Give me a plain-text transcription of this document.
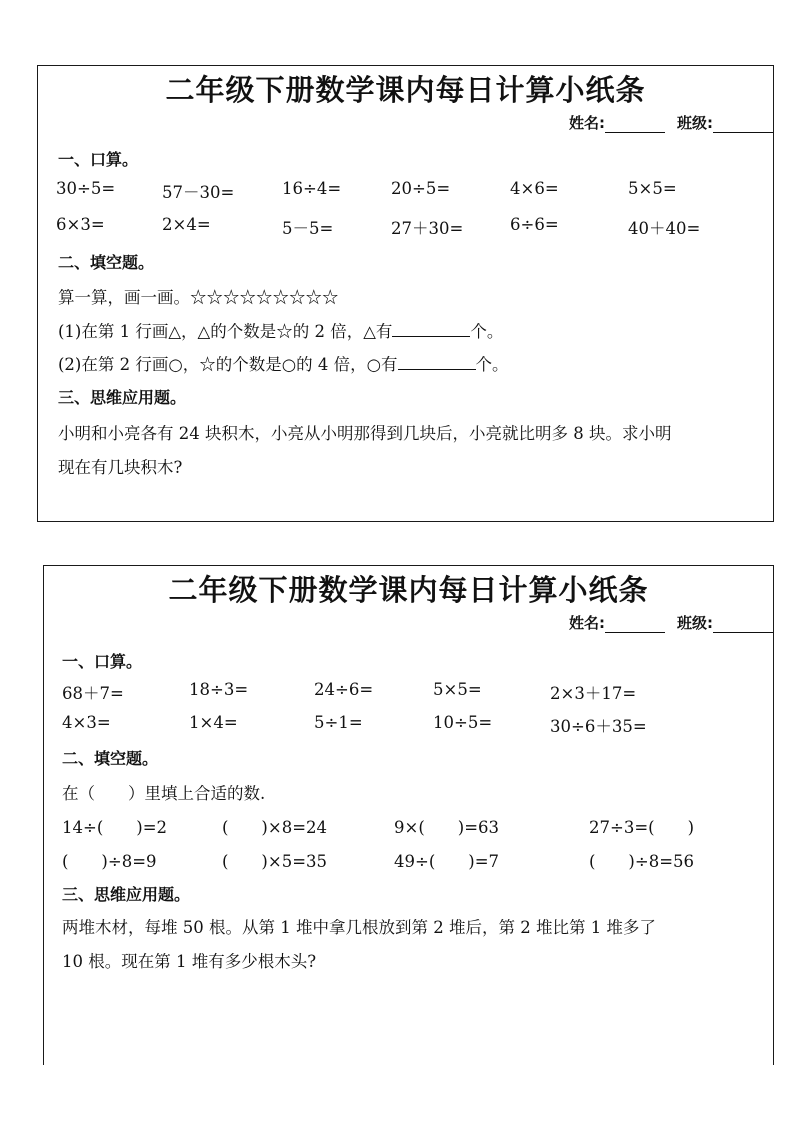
二年级下册数学课内每日计算小纸条
姓名:	班级:
一、口算。
30÷5=	57－30=	16÷4=	20÷5=	4×6=	5×5=
6×3=	2×4=	5－5=	27＋30=	6÷6=	40＋40=
二、填空题。
算一算，画一画。☆☆☆☆☆☆☆☆☆
(1)在第 1 行画△，△的个数是☆的 2 倍，△有	个。
(2)在第 2 行画○，☆的个数是○的 4 倍，○有	个。
三、思维应用题。
小明和小亮各有 24 块积木，小亮从小明那得到几块后，小亮就比明多 8 块。求小明
现在有几块积木?
二年级下册数学课内每日计算小纸条
姓名:	班级:
一、口算。
68＋7=	18÷3=	24÷6=	5×5=	2×3＋17=
4×3=	1×4=	5÷1=	10÷5=	30÷6＋35=
二、填空题。
在（　　）里填上合适的数.
14÷(　　)=2	(　　)×8=24	9×(　　)=63	27÷3=(　　)
(　　)÷8=9	(　　)×5=35	49÷(　　)=7	(　　)÷8=56
三、思维应用题。
两堆木材，每堆 50 根。从第 1 堆中拿几根放到第 2 堆后，第 2 堆比第 1 堆多了
10 根。现在第 1 堆有多少根木头?
